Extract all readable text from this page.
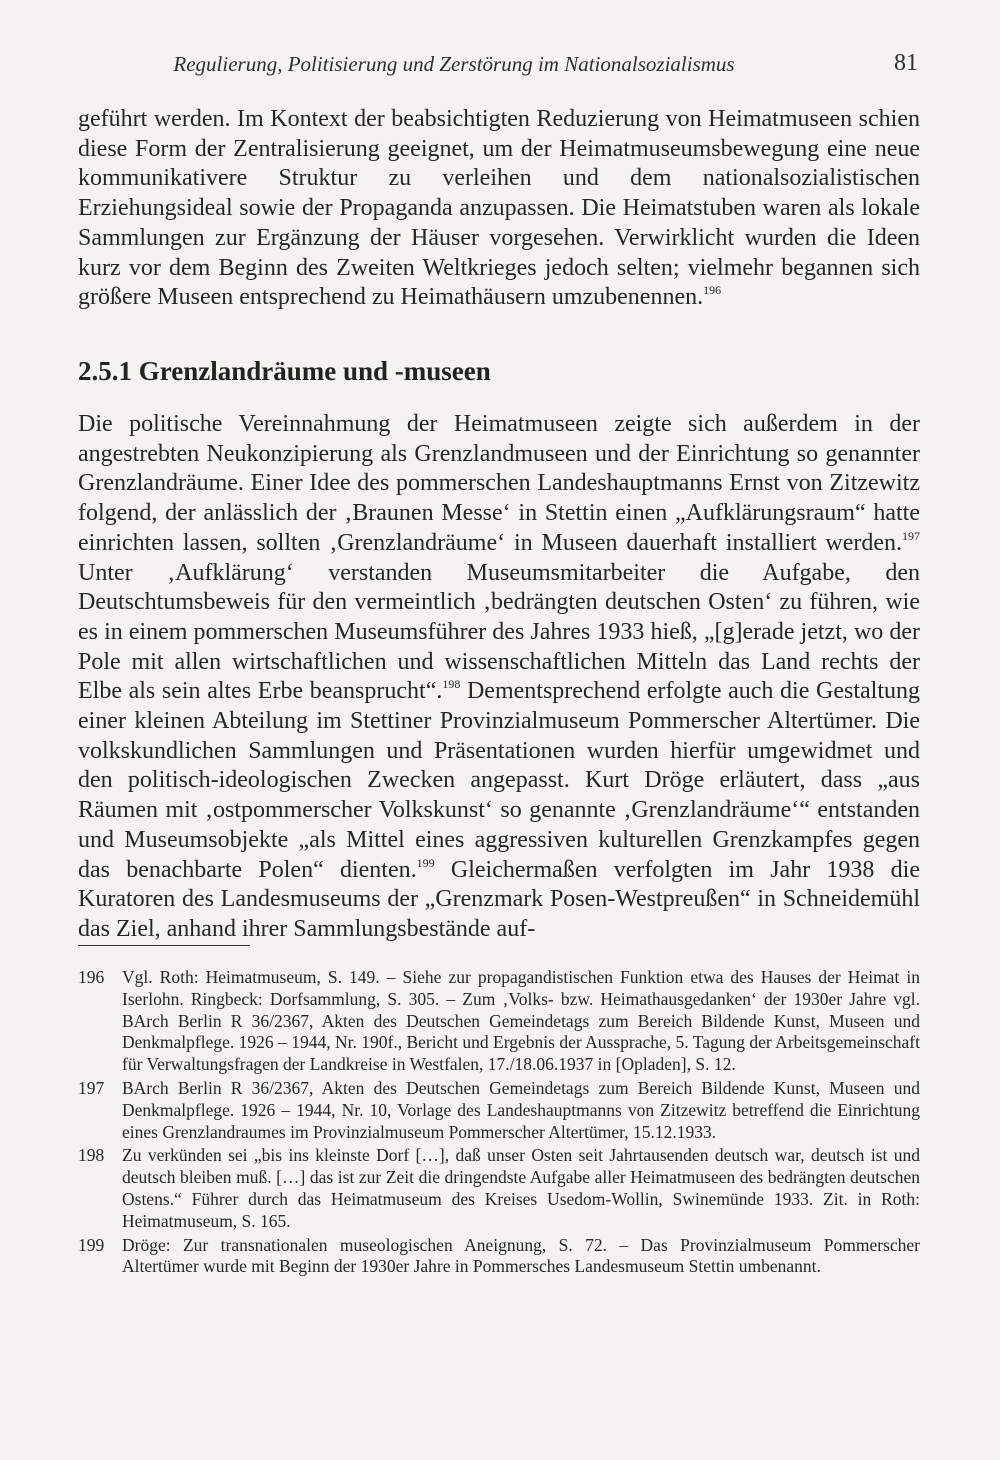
Regulierung, Politisierung und Zerstörung im Nationalsozialismus	81

geführt werden. Im Kontext der beabsichtigten Reduzierung von Heimatmuseen schien diese Form der Zentralisierung geeignet, um der Heimatmuseumsbewegung eine neue kommunikativere Struktur zu verleihen und dem nationalsozialistischen Erziehungsideal sowie der Propaganda anzupassen. Die Heimatstuben waren als lokale Sammlungen zur Ergänzung der Häuser vorgesehen. Verwirklicht wurden die Ideen kurz vor dem Beginn des Zweiten Weltkrieges jedoch selten; vielmehr begannen sich größere Museen entsprechend zu Heimathäusern umzubenennen.$^{196}$

2.5.1 Grenzlandräume und -museen

Die politische Vereinnahmung der Heimatmuseen zeigte sich außerdem in der angestrebten Neukonzipierung als Grenzlandmuseen und der Einrichtung so genannter Grenzlandräume. Einer Idee des pommerschen Landeshauptmanns Ernst von Zitzewitz folgend, der anlässlich der ‚Braunen Messe‘ in Stettin einen „Aufklärungsraum“ hatte einrichten lassen, sollten ‚Grenzlandräume‘ in Museen dauerhaft installiert werden.$^{197}$ Unter ‚Aufklärung‘ verstanden Museumsmitarbeiter die Aufgabe, den Deutschtumsbeweis für den vermeintlich ‚bedrängten deutschen Osten‘ zu führen, wie es in einem pommerschen Museumsführer des Jahres 1933 hieß, „[g]erade jetzt, wo der Pole mit allen wirtschaftlichen und wissenschaftlichen Mitteln das Land rechts der Elbe als sein altes Erbe beansprucht“.$^{198}$ Dementsprechend erfolgte auch die Gestaltung einer kleinen Abteilung im Stettiner Provinzialmuseum Pommerscher Altertümer. Die volkskundlichen Sammlungen und Präsentationen wurden hierfür umgewidmet und den politisch-ideologischen Zwecken angepasst. Kurt Dröge erläutert, dass „aus Räumen mit ‚ostpommerscher Volkskunst‘ so genannte ‚Grenzlandräume‘“ entstanden und Museumsobjekte „als Mittel eines aggressiven kulturellen Grenzkampfes gegen das benachbarte Polen“ dienten.$^{199}$ Gleichermaßen verfolgten im Jahr 1938 die Kuratoren des Landesmuseums der „Grenzmark Posen-Westpreußen“ in Schneidemühl das Ziel, anhand ihrer Sammlungsbestände auf-

196	Vgl. Roth: Heimatmuseum, S. 149. – Siehe zur propagandistischen Funktion etwa des Hauses der Heimat in Iserlohn. Ringbeck: Dorfsammlung, S. 305. – Zum ‚Volks- bzw. Heimathausgedanken‘ der 1930er Jahre vgl. BArch Berlin R 36/2367, Akten des Deutschen Gemeindetags zum Bereich Bildende Kunst, Museen und Denkmalpflege. 1926 – 1944, Nr. 190f., Bericht und Ergebnis der Aussprache, 5. Tagung der Arbeitsgemeinschaft für Verwaltungsfragen der Landkreise in Westfalen, 17./18.06.1937 in [Opladen], S. 12.
197	BArch Berlin R 36/2367, Akten des Deutschen Gemeindetags zum Bereich Bildende Kunst, Museen und Denkmalpflege. 1926 – 1944, Nr. 10, Vorlage des Landeshauptmanns von Zitzewitz betreffend die Einrichtung eines Grenzlandraumes im Provinzialmuseum Pommerscher Altertümer, 15.12.1933.
198	Zu verkünden sei „bis ins kleinste Dorf […], daß unser Osten seit Jahrtausenden deutsch war, deutsch ist und deutsch bleiben muß. […] das ist zur Zeit die dringendste Aufgabe aller Heimatmuseen des bedrängten deutschen Ostens.“ Führer durch das Heimatmuseum des Kreises Usedom-Wollin, Swinemünde 1933. Zit. in Roth: Heimatmuseum, S. 165.
199	Dröge: Zur transnationalen museologischen Aneignung, S. 72. – Das Provinzialmuseum Pommerscher Altertümer wurde mit Beginn der 1930er Jahre in Pommersches Landesmuseum Stettin umbenannt.
